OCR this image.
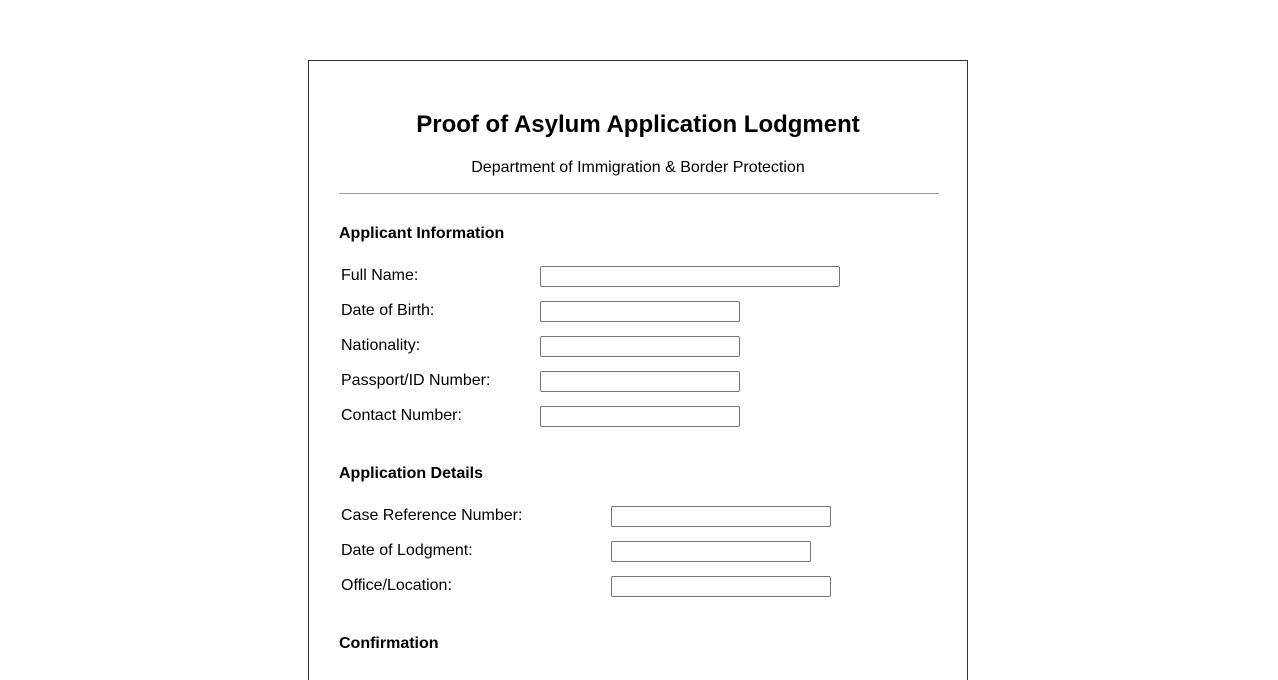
Proof of Asylum Application Lodgment
Department of Immigration & Border Protection
Applicant Information
Full Name:
Date of Birth:
Nationality:
Passport/ID Number:
Contact Number:
Application Details
Case Reference Number:
Date of Lodgment:
Office/Location:
Confirmation
